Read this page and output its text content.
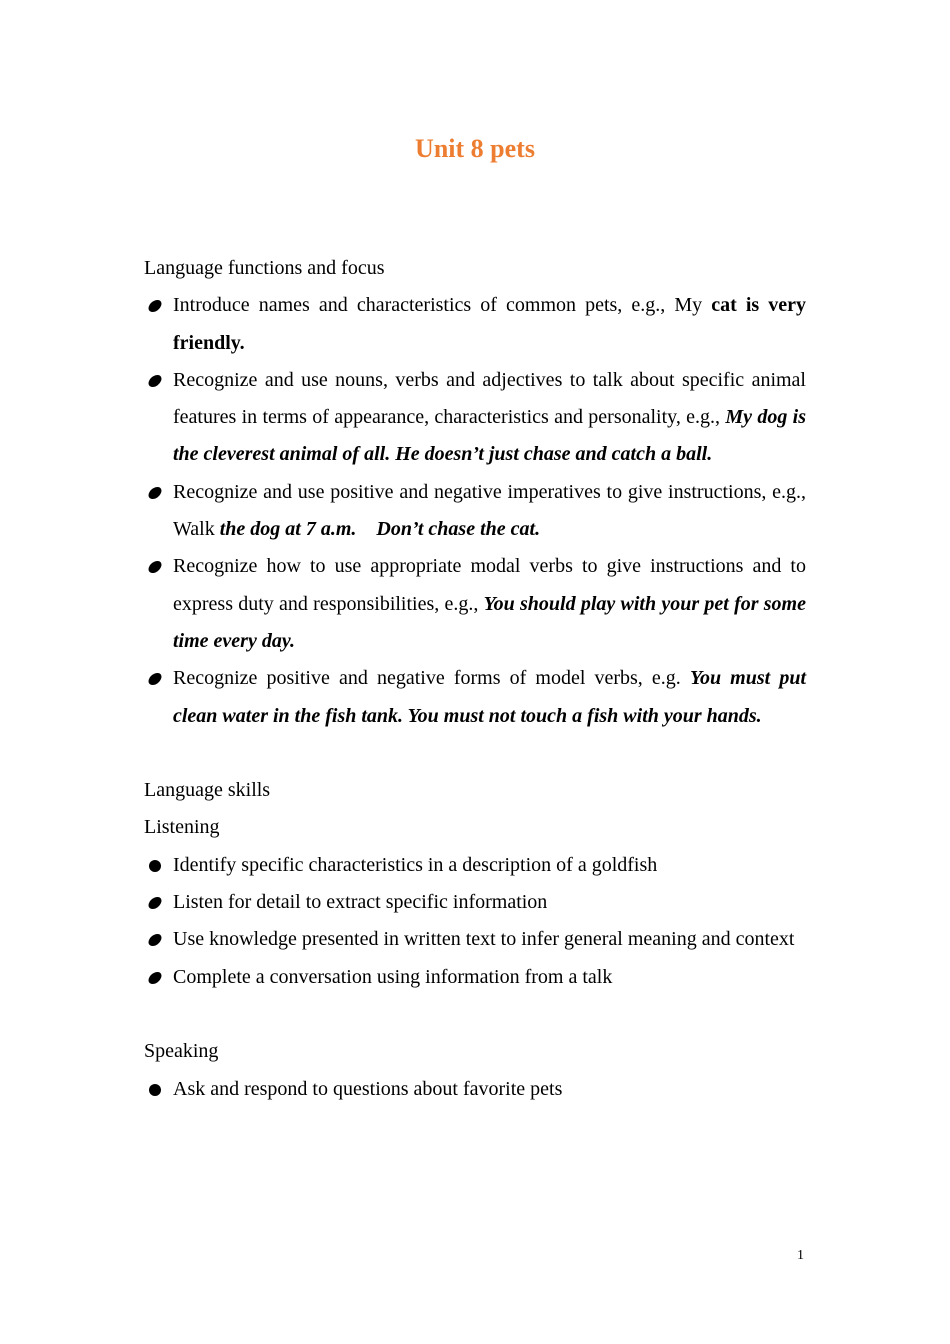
Unit 8 pets
Language functions and focus
Introduce names and characteristics of common pets, e.g., My cat is very friendly.
Recognize and use nouns, verbs and adjectives to talk about specific animal features in terms of appearance, characteristics and personality, e.g., My dog is the cleverest animal of all. He doesn’t just chase and catch a ball.
Recognize and use positive and negative imperatives to give instructions, e.g., Walk the dog at 7 a.m. Don’t chase the cat.
Recognize how to use appropriate modal verbs to give instructions and to express duty and responsibilities, e.g., You should play with your pet for some time every day.
Recognize positive and negative forms of model verbs, e.g. You must put clean water in the fish tank. You must not touch a fish with your hands.
Language skills
Listening
Identify specific characteristics in a description of a goldfish
Listen for detail to extract specific information
Use knowledge presented in written text to infer general meaning and context
Complete a conversation using information from a talk
Speaking
Ask and respond to questions about favorite pets
1
